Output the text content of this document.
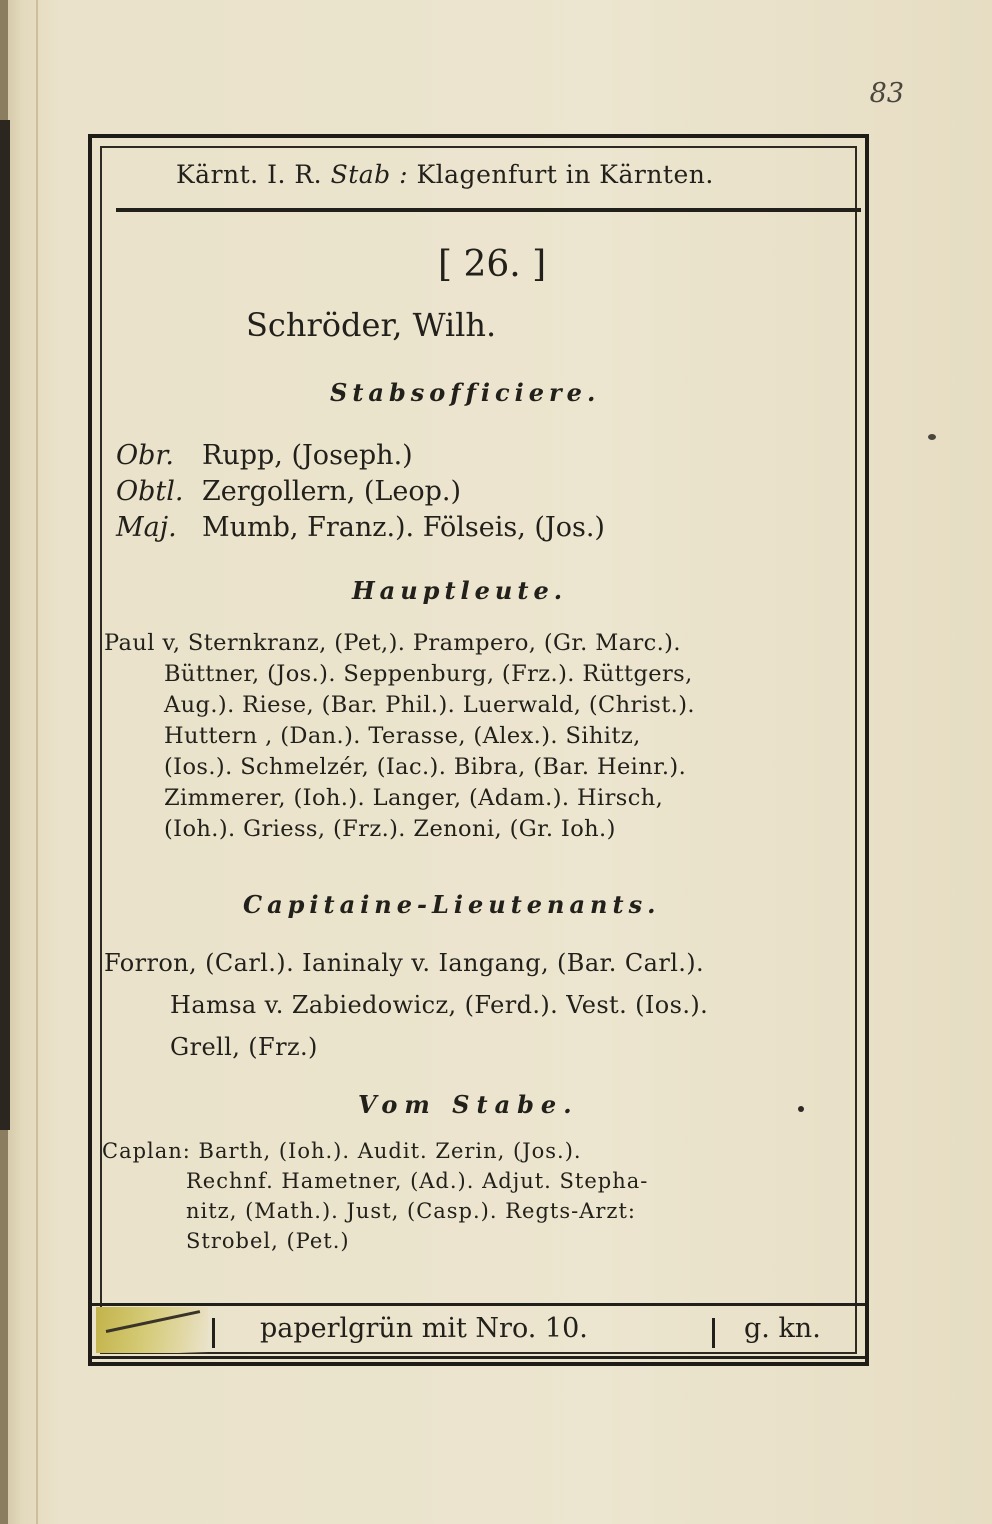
83
Kärnt. I. R. Stab : Klagenfurt in Kärnten.
[ 26. ]
Schröder, Wilh.
Stabsofficiere.
Obr. Rupp, (Joseph.)
Obtl. Zergollern, (Leop.)
Maj. Mumb, Franz.). Fölseis, (Jos.)
Hauptleute.
Paul v, Sternkranz, (Pet,). Prampero, (Gr. Marc.).
Büttner, (Jos.). Seppenburg, (Frz.). Rüttgers,
Aug.). Riese, (Bar. Phil.). Luerwald, (Christ.).
Huttern , (Dan.). Terasse, (Alex.). Sihitz,
(Ios.). Schmelzér, (Iac.). Bibra, (Bar. Heinr.).
Zimmerer, (Ioh.). Langer, (Adam.). Hirsch,
(Ioh.). Griess, (Frz.). Zenoni, (Gr. Ioh.)
Capitaine-Lieutenants.
Forron, (Carl.). Ianinaly v. Iangang, (Bar. Carl.).
Hamsa v. Zabiedowicz, (Ferd.). Vest. (Ios.).
Grell, (Frz.)
Vom Stabe.
Caplan: Barth, (Ioh.). Audit. Zerin, (Jos.).
Rechnf. Hametner, (Ad.). Adjut. Stepha-
nitz, (Math.). Just, (Casp.). Regts-Arzt:
Strobel, (Pet.)
paperlgrün mit Nro. 10.	g. kn.
